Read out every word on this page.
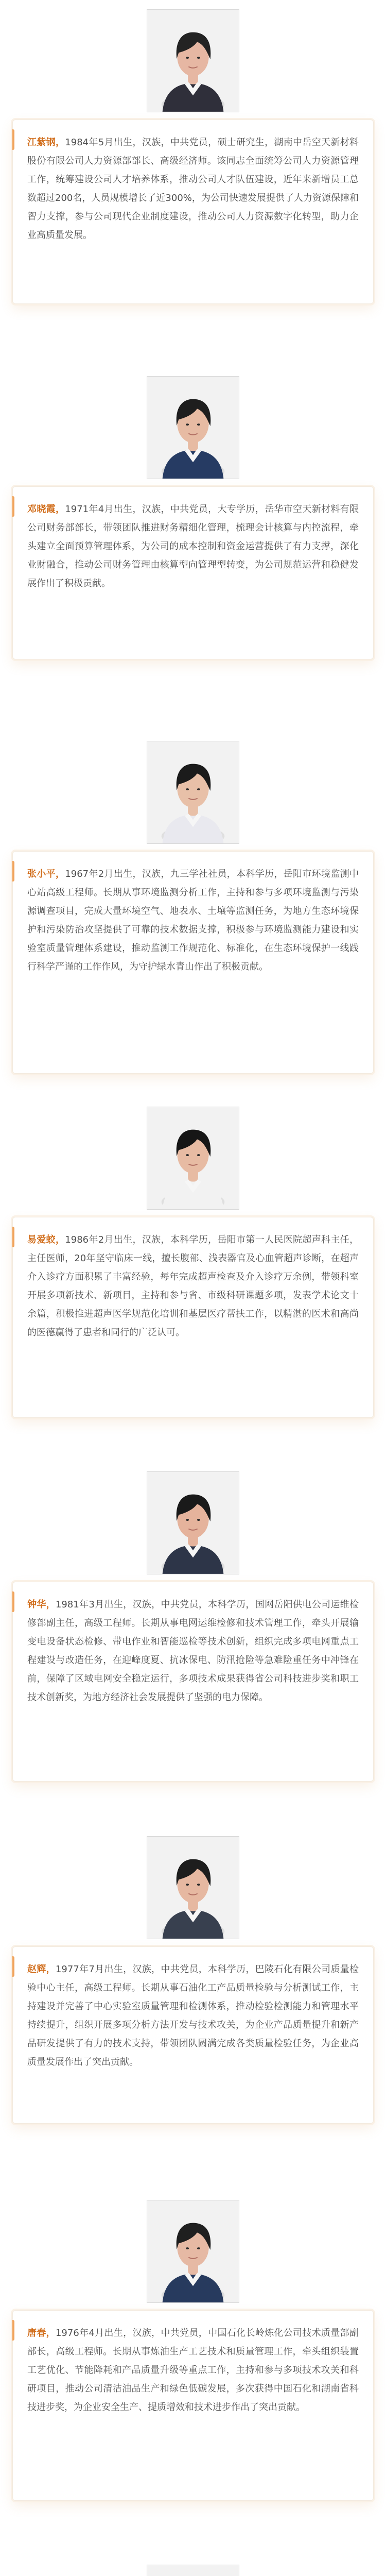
江紫钢，1984年5月出生，汉族，中共党员，硕士研究生，湖南中岳空天新材料股份有限公司人力资源部部长、高级经济师。该同志全面统筹公司人力资源管理工作，统筹建设公司人才培养体系，推动公司人才队伍建设，近年来新增员工总数超过200名，人员规模增长了近300%，为公司快速发展提供了人力资源保障和智力支撑，参与公司现代企业制度建设，推动公司人力资源数字化转型，助力企业高质量发展。

邓晓霞，1971年4月出生，汉族，中共党员，大专学历，岳华市空天新材料有限公司财务部部长，带领团队推进财务精细化管理，梳理会计核算与内控流程，牵头建立全面预算管理体系，为公司的成本控制和资金运营提供了有力支撑，深化业财融合，推动公司财务管理由核算型向管理型转变，为公司规范运营和稳健发展作出了积极贡献。

张小平，1967年2月出生，汉族，九三学社社员，本科学历，岳阳市环境监测中心站高级工程师。长期从事环境监测分析工作，主持和参与多项环境监测与污染源调查项目，完成大量环境空气、地表水、土壤等监测任务，为地方生态环境保护和污染防治攻坚提供了可靠的技术数据支撑，积极参与环境监测能力建设和实验室质量管理体系建设，推动监测工作规范化、标准化，在生态环境保护一线践行科学严谨的工作作风，为守护绿水青山作出了积极贡献。

易爱蛟，1986年2月出生，汉族，本科学历，岳阳市第一人民医院超声科主任，主任医师，20年坚守临床一线，擅长腹部、浅表器官及心血管超声诊断，在超声介入诊疗方面积累了丰富经验，每年完成超声检查及介入诊疗万余例，带领科室开展多项新技术、新项目，主持和参与省、市级科研课题多项，发表学术论文十余篇，积极推进超声医学规范化培训和基层医疗帮扶工作，以精湛的医术和高尚的医德赢得了患者和同行的广泛认可。

钟华，1981年3月出生，汉族，中共党员，本科学历，国网岳阳供电公司运维检修部副主任，高级工程师。长期从事电网运维检修和技术管理工作，牵头开展输变电设备状态检修、带电作业和智能巡检等技术创新，组织完成多项电网重点工程建设与改造任务，在迎峰度夏、抗冰保电、防汛抢险等急难险重任务中冲锋在前，保障了区域电网安全稳定运行，多项技术成果获得省公司科技进步奖和职工技术创新奖，为地方经济社会发展提供了坚强的电力保障。

赵辉，1977年7月出生，汉族，中共党员，本科学历，巴陵石化有限公司质量检验中心主任，高级工程师。长期从事石油化工产品质量检验与分析测试工作，主持建设并完善了中心实验室质量管理和检测体系，推动检验检测能力和管理水平持续提升，组织开展多项分析方法开发与技术攻关，为企业产品质量提升和新产品研发提供了有力的技术支持，带领团队圆满完成各类质量检验任务，为企业高质量发展作出了突出贡献。

唐春，1976年4月出生，汉族，中共党员，中国石化长岭炼化公司技术质量部副部长，高级工程师。长期从事炼油生产工艺技术和质量管理工作，牵头组织装置工艺优化、节能降耗和产品质量升级等重点工作，主持和参与多项技术攻关和科研项目，推动公司清洁油品生产和绿色低碳发展，多次获得中国石化和湖南省科技进步奖，为企业安全生产、提质增效和技术进步作出了突出贡献。
